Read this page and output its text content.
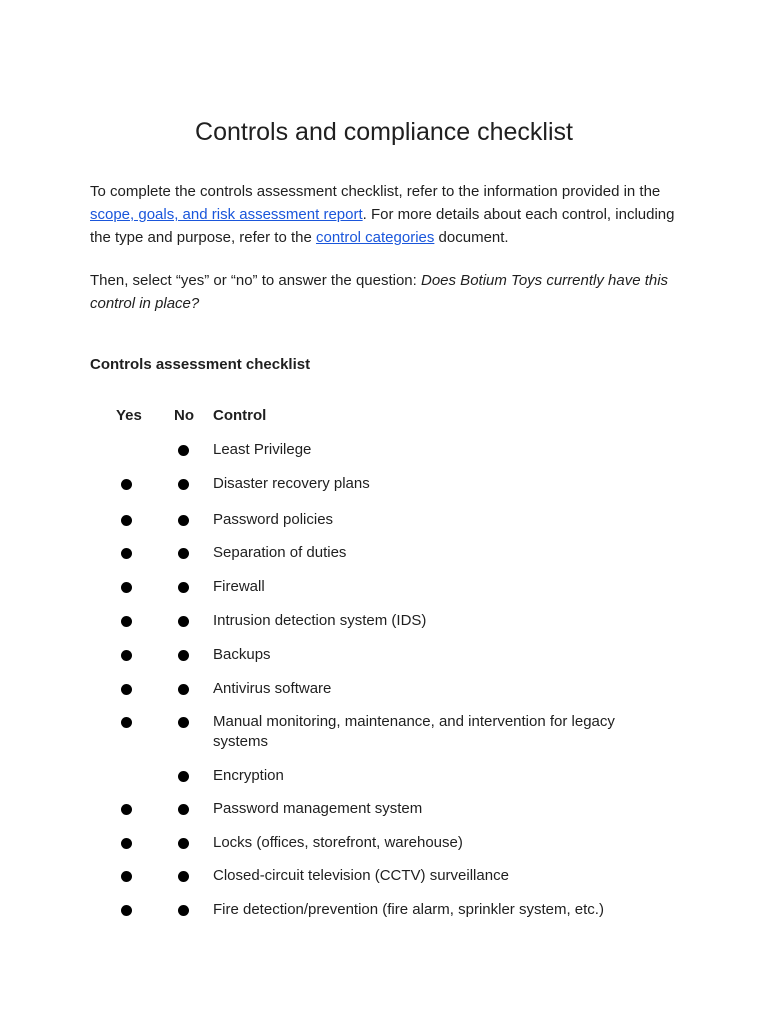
Controls and compliance checklist

To complete the controls assessment checklist, refer to the information provided in the scope, goals, and risk assessment report. For more details about each control, including the type and purpose, refer to the control categories document.

Then, select “yes” or “no” to answer the question: Does Botium Toys currently have this control in place?

Controls assessment checklist
Yes No Control
Least Privilege
Disaster recovery plans
Password policies
Separation of duties
Firewall
Intrusion detection system (IDS)
Backups
Antivirus software
Manual monitoring, maintenance, and intervention for legacy systems
Encryption
Password management system
Locks (offices, storefront, warehouse)
Closed-circuit television (CCTV) surveillance
Fire detection/prevention (fire alarm, sprinkler system, etc.)
